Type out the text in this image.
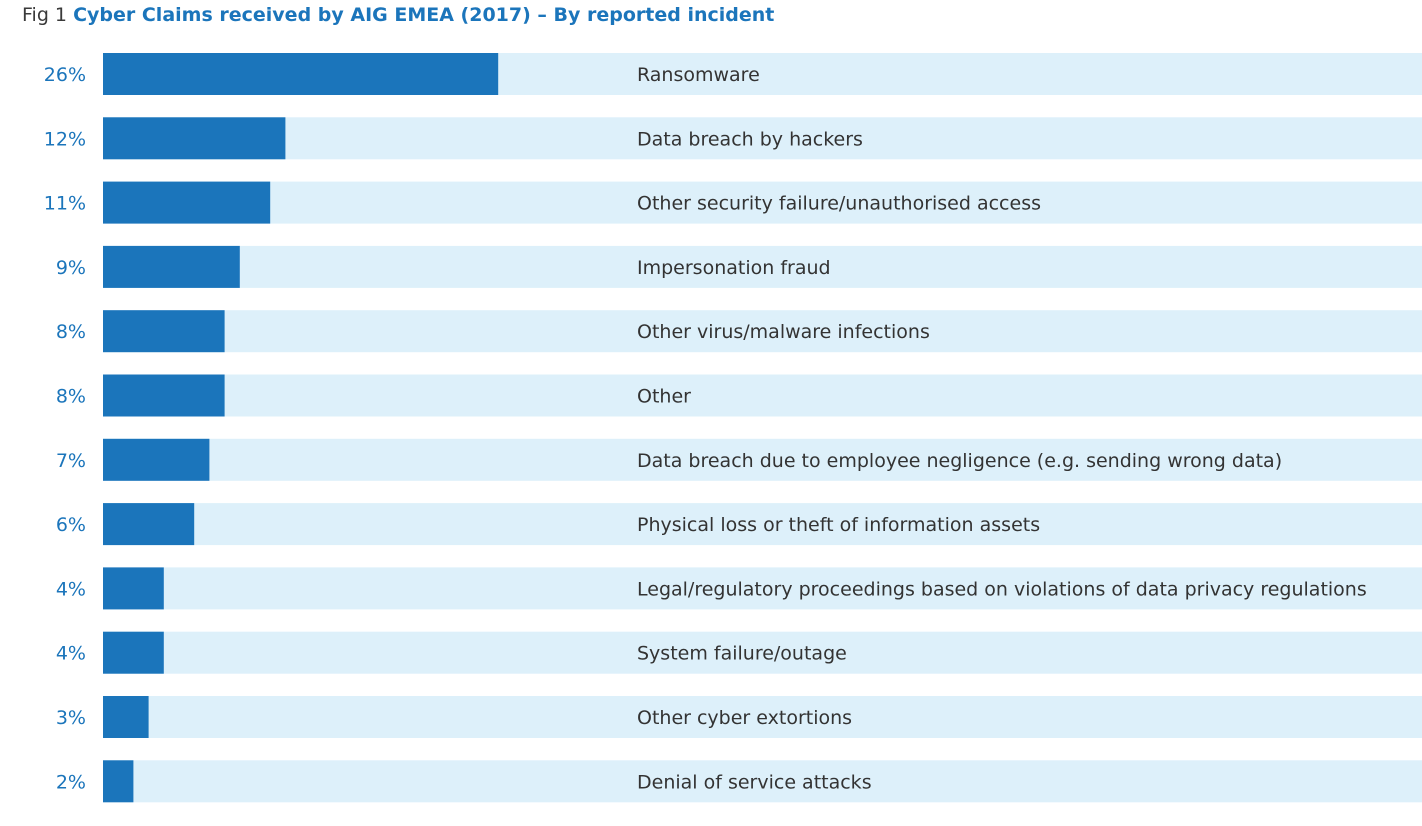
Fig 1 Cyber Claims received by AIG EMEA (2017) – By reported incident
26%	Ransomware
12%	Data breach by hackers
11%	Other security failure/unauthorised access
9%	Impersonation fraud
8%	Other virus/malware infections
8%	Other
7%	Data breach due to employee negligence (e.g. sending wrong data)
6%	Physical loss or theft of information assets
4%	Legal/regulatory proceedings based on violations of data privacy regulations
4%	System failure/outage
3%	Other cyber extortions
2%	Denial of service attacks
